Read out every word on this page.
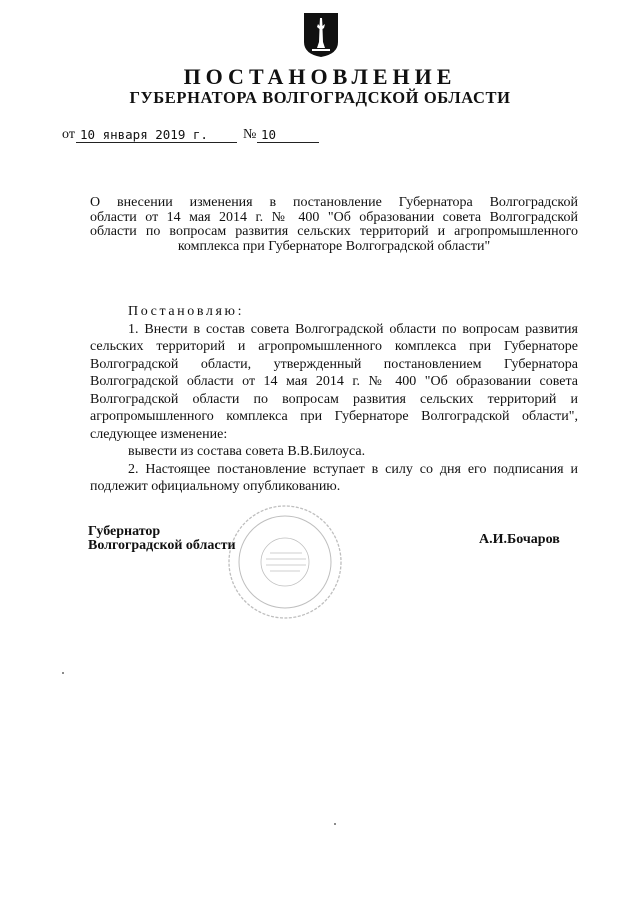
ПОСТАНОВЛЕНИЕ
ГУБЕРНАТОРА ВОЛГОГРАДСКОЙ ОБЛАСТИ
от 10 января 2019 г.	№ 10
О внесении изменения в постановление Губернатора Волгоградской
области от 14 мая 2014 г. № 400 "Об образовании совета Волгоградской
области по вопросам развития сельских территорий и агропромышленного
комплекса при Губернаторе Волгоградской области"

Постановляю:

1. Внести в состав совета Волгоградской области по вопросам развития сельских территорий и агропромышленного комплекса при Губернаторе Волгоградской области, утвержденный постановлением Губернатора Волгоградской области от 14 мая 2014 г. № 400 "Об образовании совета Волгоградской области по вопросам развития сельских территорий и агропромышленного комплекса при Губернаторе Волгоградской области", следующее изменение:

вывести из состава совета В.В.Билоуса.

2. Настоящее постановление вступает в силу со дня его подписания и подлежит официальному опубликованию.

Губернатор
Волгоградской области	А.И.Бочаров
